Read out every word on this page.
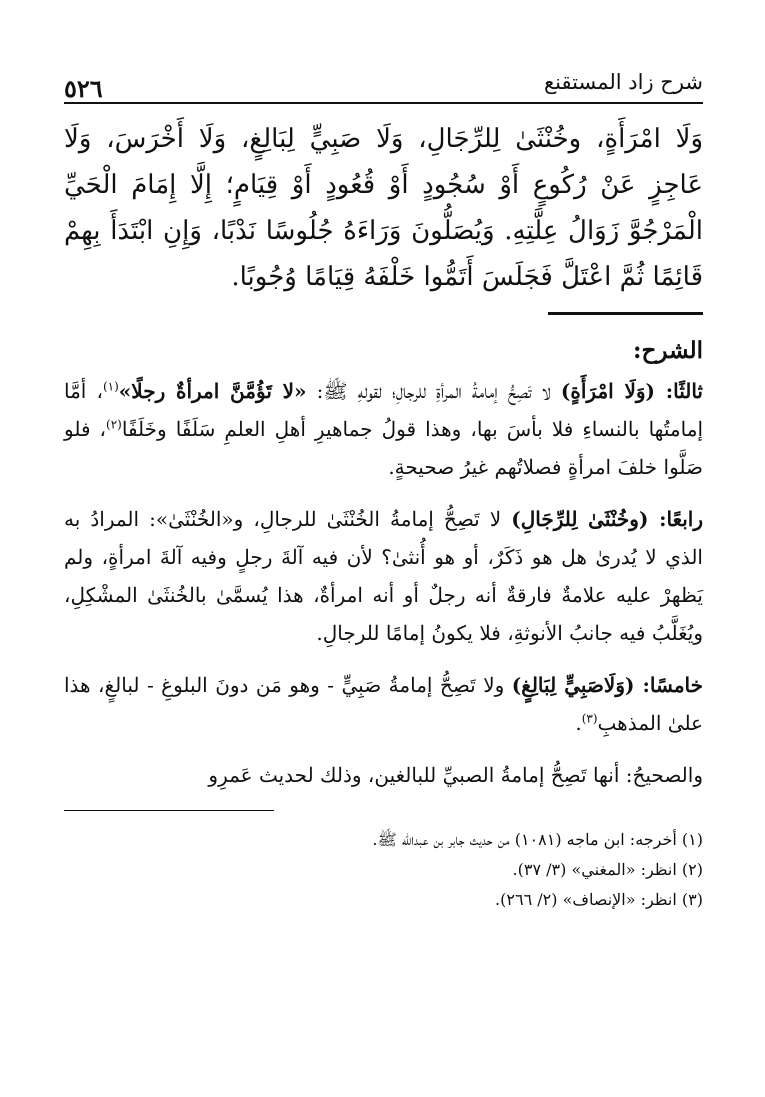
شرح زاد المستقنع
٥٢٦

وَلَا امْرَأَةٍ، وخُنْثَىٰ لِلرِّجَالِ، وَلَا صَبِيٍّ لِبَالِغٍ، وَلَا أَخْرَسَ، وَلَا عَاجِزٍ عَنْ رُكُوعٍ أَوْ سُجُودٍ أَوْ قُعُودٍ أَوْ قِيَامٍ؛ إِلَّا إِمَامَ الْحَيِّ الْمَرْجُوَّ زَوَالُ عِلَّتِهِ. وَيُصَلُّونَ وَرَاءَهُ جُلُوسًا نَدْبًا، وَإِنِ ابْتَدَأَ بِهِمْ قَائِمًا ثُمَّ اعْتَلَّ فَجَلَسَ أَتَمُّوا خَلْفَهُ قِيَامًا وُجُوبًا.

الشرح:

ثالثًا: (وَلَا امْرَأَةٍ) لا تَصِحُّ إمامةُ المرأةِ للرجالِ؛ لقولهِ ﷺ: «لا تَؤُمَّنَّ امرأةٌ رجلًا»$^{(١)}$، أمَّا إمامتُها بالنساءِ فلا بأسَ بها، وهذا قولُ جماهيرِ أهلِ العلمِ سَلَفًا وخَلَفًا$^{(٢)}$، فلو صَلَّوا خلفَ امرأةٍ فصلاتُهم غيرُ صحيحةٍ.

رابعًا: (وخُنْثَىٰ لِلرِّجَالِ) لا تَصِحُّ إمامةُ الخُنْثَىٰ للرجالِ، و«الخُنْثَىٰ»: المرادُ به الذي لا يُدرىٰ هل هو ذَكَرٌ، أو هو أُنثىٰ؟ لأن فيه آلةَ رجلٍ وفيه آلةَ امرأةٍ، ولم يَظهرْ عليه علامةٌ فارقةٌ أنه رجلٌ أو أنه امرأةٌ، هذا يُسمَّىٰ بالخُنثَىٰ المشْكِلِ، ويُغَلَّبُ فيه جانبُ الأنوثةِ، فلا يكونُ إمامًا للرجالِ.

خامسًا: (وَلَاصَبِيٍّ لِبَالِغٍ) ولا تَصِحُّ إمامةُ صَبِيٍّ - وهو مَن دونَ البلوغِ - لبالغٍ، هذا علىٰ المذهبِ$^{(٣)}$.

والصحيحُ: أنها تَصِحُّ إمامةُ الصبيِّ للبالغين، وذلك لحديث عَمرِو

(١) أخرجه: ابن ماجه (١٠٨١) من حديث جابر بن عبدالله ﷺ.

(٢) انظر: «المغني» (٣/ ٣٧).

(٣) انظر: «الإنصاف» (٢/ ٢٦٦).
